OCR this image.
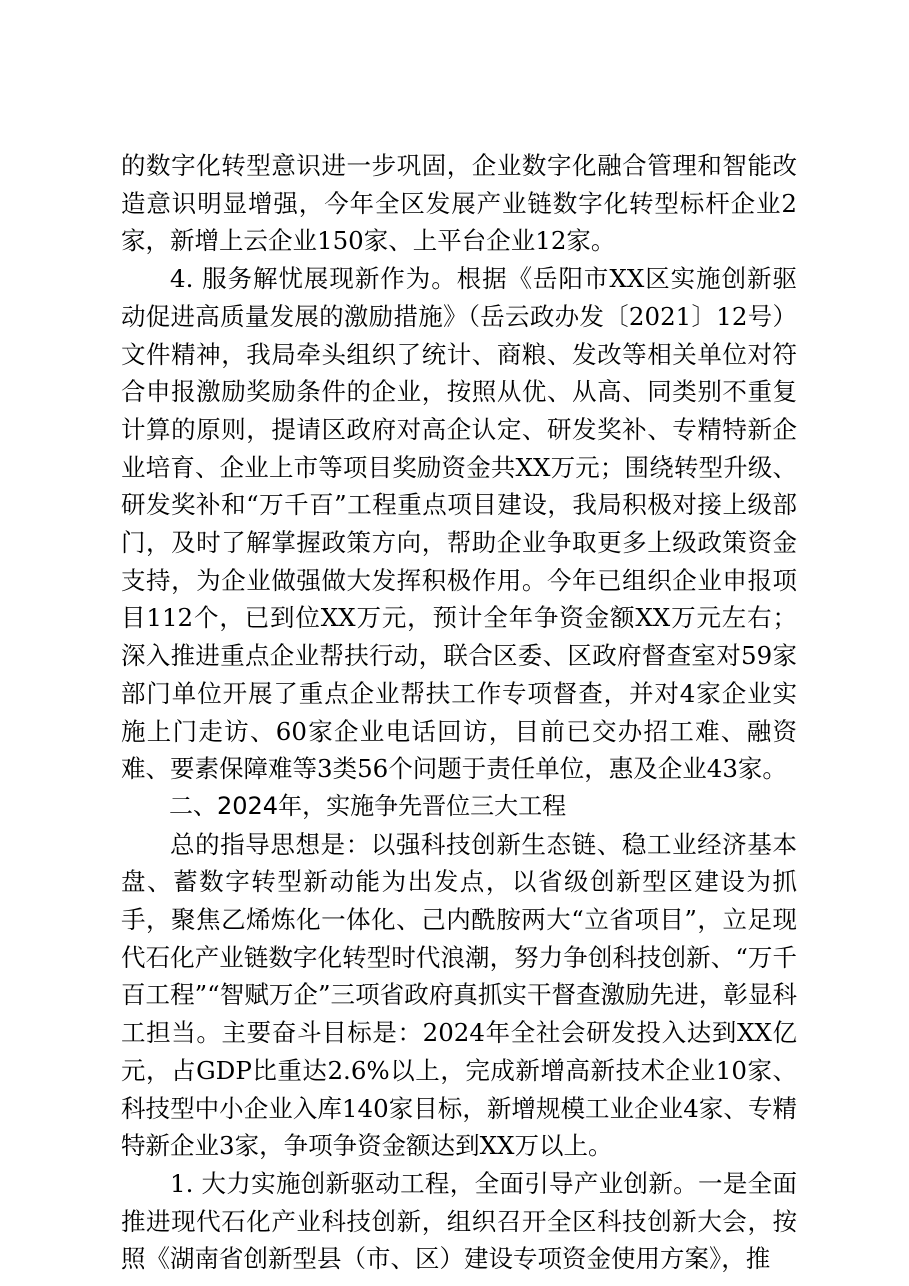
的数字化转型意识进一步巩固，企业数字化融合管理和智能改造意识明显增强，今年全区发展产业链数字化转型标杆企业2家，新增上云企业150家、上平台企业12家。

4. 服务解忧展现新作为。根据《岳阳市XX区实施创新驱动促进高质量发展的激励措施》（岳云政办发〔2021〕12号）文件精神，我局牵头组织了统计、商粮、发改等相关单位对符合申报激励奖励条件的企业，按照从优、从高、同类别不重复计算的原则，提请区政府对高企认定、研发奖补、专精特新企业培育、企业上市等项目奖励资金共XX万元；围绕转型升级、研发奖补和“万千百”工程重点项目建设，我局积极对接上级部门，及时了解掌握政策方向，帮助企业争取更多上级政策资金支持，为企业做强做大发挥积极作用。今年已组织企业申报项目112个，已到位XX万元，预计全年争资金额XX万元左右；深入推进重点企业帮扶行动，联合区委、区政府督查室对59家部门单位开展了重点企业帮扶工作专项督查，并对4家企业实施上门走访、60家企业电话回访，目前已交办招工难、融资难、要素保障难等3类56个问题于责任单位，惠及企业43家。

二、2024年，实施争先晋位三大工程

总的指导思想是：以强科技创新生态链、稳工业经济基本盘、蓄数字转型新动能为出发点，以省级创新型区建设为抓手，聚焦乙烯炼化一体化、己内酰胺两大“立省项目”，立足现代石化产业链数字化转型时代浪潮，努力争创科技创新、“万千百工程”“智赋万企”三项省政府真抓实干督查激励先进，彰显科工担当。主要奋斗目标是：2024年全社会研发投入达到XX亿元，占GDP比重达2.6%以上，完成新增高新技术企业10家、科技型中小企业入库140家目标，新增规模工业企业4家、专精特新企业3家，争项争资金额达到XX万以上。

1. 大力实施创新驱动工程，全面引导产业创新。一是全面推进现代石化产业科技创新，组织召开全区科技创新大会，按照《湖南省创新型县（市、区）建设专项资金使用方案》，推
